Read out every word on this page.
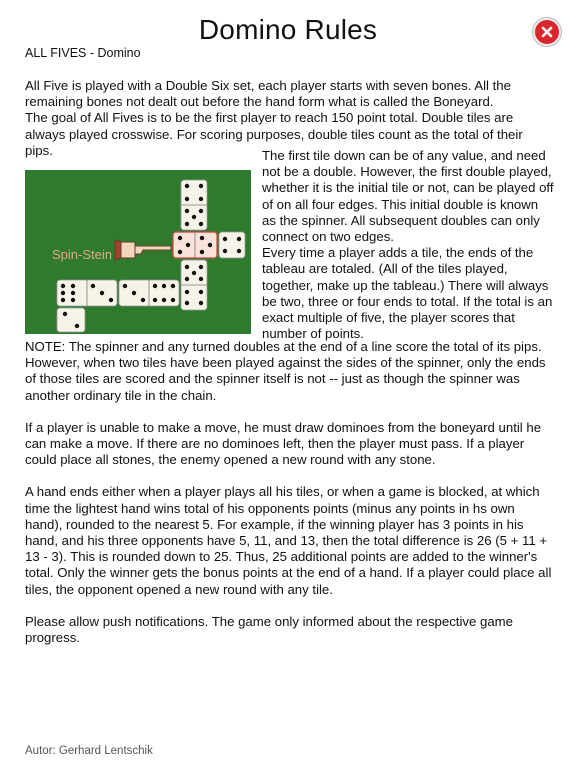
Domino Rules
ALL FIVES - Domino

All Five is played with a Double Six set, each player starts with seven bones. All the remaining bones not dealt out before the hand form what is called the Boneyard.

The goal of All Fives is to be the first player to reach 150 point total. Double tiles are always played crosswise. For scoring purposes, double tiles count as the total of their pips.

Spin-Stein

The first tile down can be of any value, and need not be a double. However, the first double played, whether it is the initial tile or not, can be played off of on all four edges. This initial double is known as the spinner. All subsequent doubles can only connect on two edges.

Every time a player adds a tile, the ends of the tableau are totaled. (All of the tiles played, together, make up the tableau.) There will always be two, three or four ends to total. If the total is an exact multiple of five, the player scores that number of points.

NOTE: The spinner and any turned doubles at the end of a line score the total of its pips. However, when two tiles have been played against the sides of the spinner, only the ends of those tiles are scored and the spinner itself is not -- just as though the spinner was another ordinary tile in the chain.

If a player is unable to make a move, he must draw dominoes from the boneyard until he can make a move. If there are no dominoes left, then the player must pass. If a player could place all stones, the enemy opened a new round with any stone.

A hand ends either when a player plays all his tiles, or when a game is blocked, at which time the lightest hand wins total of his opponents points (minus any points in hs own hand), rounded to the nearest 5. For example, if the winning player has 3 points in his hand, and his three opponents have 5, 11, and 13, then the total difference is 26 (5 + 11 + 13 - 3). This is rounded down to 25. Thus, 25 additional points are added to the winner's total. Only the winner gets the bonus points at the end of a hand. If a player could place all tiles, the opponent opened a new round with any tile.

Please allow push notifications. The game only informed about the respective game progress.

Autor: Gerhard Lentschik
